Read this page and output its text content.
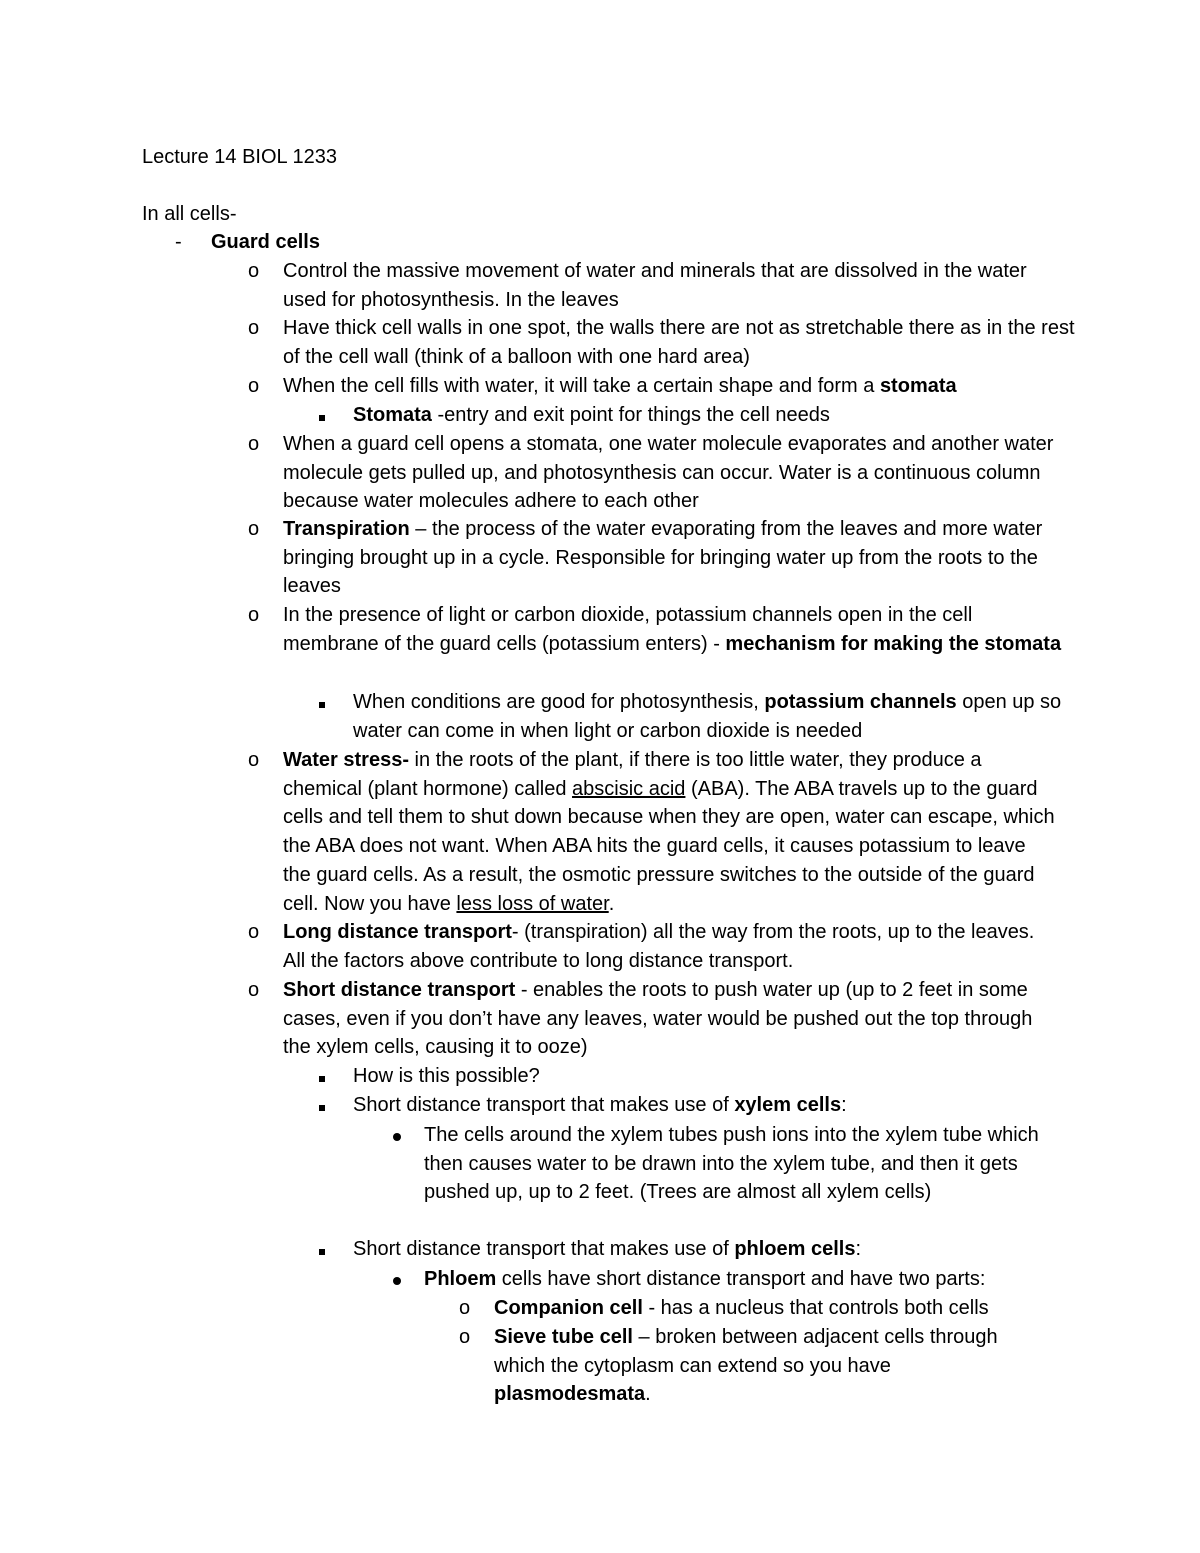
Lecture 14 BIOL 1233
In all cells-
-	Guard cells
o	Control the massive movement of water and minerals that are dissolved in the water used for photosynthesis. In the leaves
o	Have thick cell walls in one spot, the walls there are not as stretchable there as in the rest of the cell wall (think of a balloon with one hard area)
o	When the cell fills with water, it will take a certain shape and form a stomata
Stomata -entry and exit point for things the cell needs
o	When a guard cell opens a stomata, one water molecule evaporates and another water molecule gets pulled up, and photosynthesis can occur. Water is a continuous column because water molecules adhere to each other
o	Transpiration – the process of the water evaporating from the leaves and more water bringing brought up in a cycle. Responsible for bringing water up from the roots to the leaves
o	In the presence of light or carbon dioxide, potassium channels open in the cell membrane of the guard cells (potassium enters) - mechanism for making the stomata
When conditions are good for photosynthesis, potassium channels open up so water can come in when light or carbon dioxide is needed
o	Water stress- in the roots of the plant, if there is too little water, they produce a chemical (plant hormone) called abscisic acid (ABA). The ABA travels up to the guard cells and tell them to shut down because when they are open, water can escape, which the ABA does not want. When ABA hits the guard cells, it causes potassium to leave the guard cells. As a result, the osmotic pressure switches to the outside of the guard cell. Now you have less loss of water.
o	Long distance transport- (transpiration) all the way from the roots, up to the leaves. All the factors above contribute to long distance transport.
o	Short distance transport - enables the roots to push water up (up to 2 feet in some cases, even if you don’t have any leaves, water would be pushed out the top through the xylem cells, causing it to ooze)
How is this possible?
Short distance transport that makes use of xylem cells:
The cells around the xylem tubes push ions into the xylem tube which then causes water to be drawn into the xylem tube, and then it gets pushed up, up to 2 feet. (Trees are almost all xylem cells)
Short distance transport that makes use of phloem cells:
Phloem cells have short distance transport and have two parts:
o	Companion cell - has a nucleus that controls both cells
o	Sieve tube cell – broken between adjacent cells through which the cytoplasm can extend so you have plasmodesmata.
